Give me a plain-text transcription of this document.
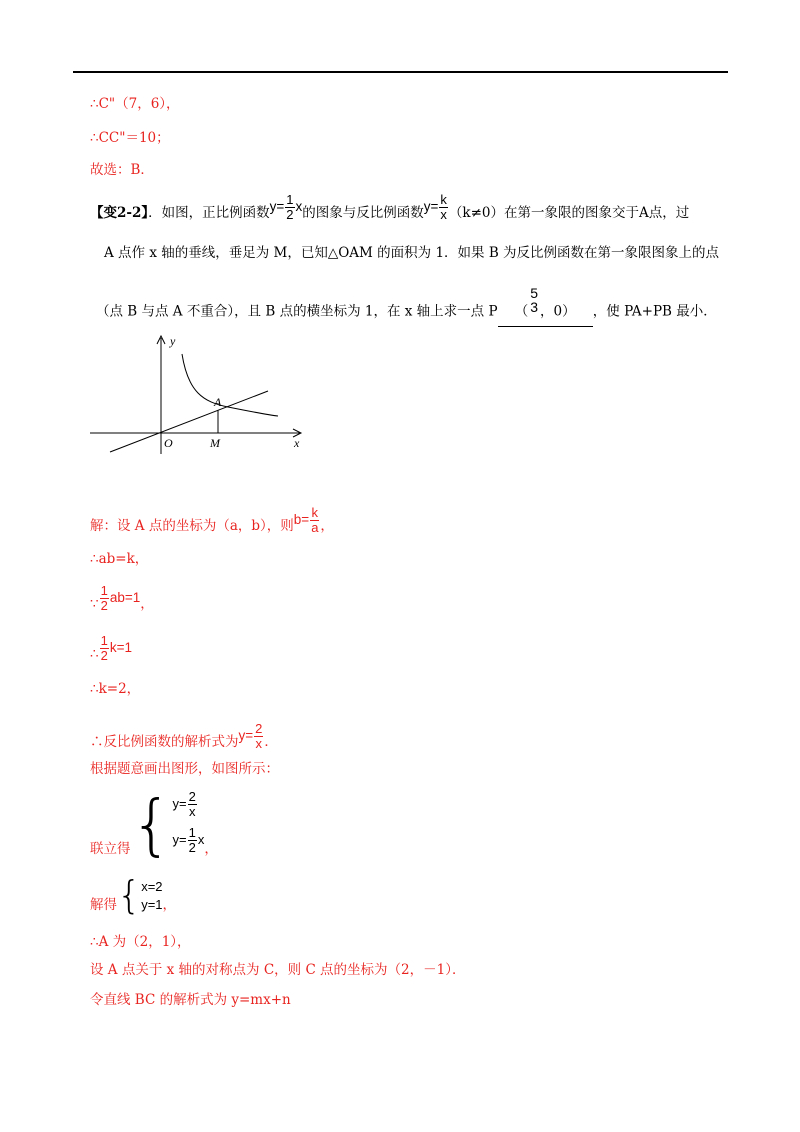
∴C"（7，6），
∴CC"＝10；
故选：B．
【变2-2】．如图，正比例函数$y= \frac{1}{2}$ x的图象与反比例函数$y= \frac{k}{x} (k\ne 0)$在第一象限的图象交于A点，过
A 点作 x 轴的垂线，垂足为 M，已知△OAM 的面积为 1．如果 B 为反比例函数在第一象限图象上的点
（点 B 与点 A 不重合），且 B 点的横坐标为 1，在 x 轴上求一点 P （
5
3 ，0） ，使 PA+PB 最小．
y
x
O
A
M
解：设 A 点的坐标为（a，b），则$b= \frac{k}{a}$ ，
∴ab=k，
∵ $\frac{1}{2} ab=1$，
∴ $\frac{1}{2} k=1$
∴k=2，
∴反比例函数的解析式为$y= \frac{2}{x}$ ．
根据题意画出图形，如图所示：
联立得{ $y= \frac{2}{x}$
$y= \frac{1}{2}$ x
，
解得{ x=2
y=1 ，
∴A 为（2，1），
设 A 点关于 x 轴的对称点为 C，则 C 点的坐标为（2，－1）．
令直线 BC 的解析式为 y=mx+n
